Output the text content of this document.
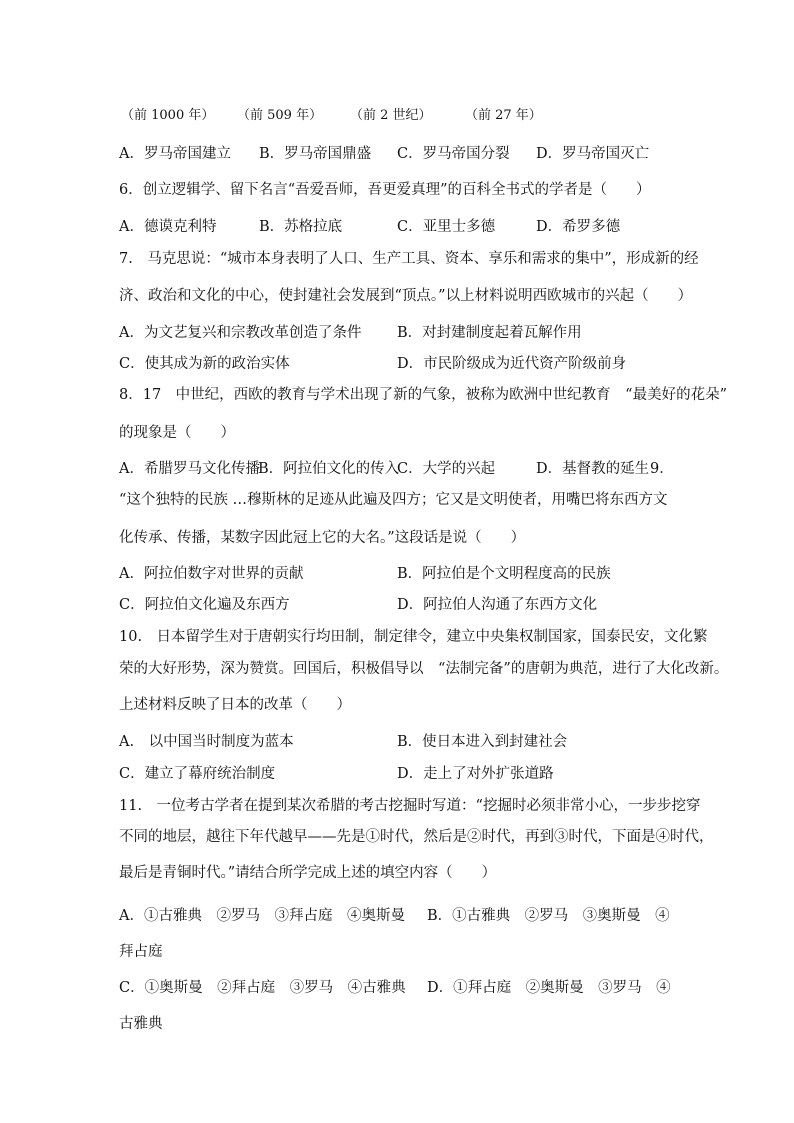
（前 1000 年） （前 509 年） （前 2 世纪）	（前 27 年）
A．罗马帝国建立 B．罗马帝国鼎盛 C．罗马帝国分裂 D．罗马帝国灭亡
6．创立逻辑学、留下名言“吾爱吾师，吾更爱真理”的百科全书式的学者是（　　）
A．德谟克利特	B．苏格拉底	C．亚里士多德	D．希罗多德
7.　马克思说：“城市本身表明了人口、生产工具、资本、享乐和需求的集中”，形成新的经
济、政治和文化的中心，使封建社会发展到“顶点。”以上材料说明西欧城市的兴起（　　）
A．为文艺复兴和宗教改革创造了条件 B．对封建制度起着瓦解作用
C．使其成为新的政治实体	D．市民阶级成为近代资产阶级前身
8．17　中世纪，西欧的教育与学术出现了新的气象，被称为欧洲中世纪教育　“最美好的花朵”
的现象是（　　）
A．希腊罗马文化传播
B．阿拉伯文化的传入
C．大学的兴起	D．基督教的延生 9．
“这个独特的民族 …穆斯林的足迹从此遍及四方；它又是文明使者，用嘴巴将东西方文
化传承、传播，某数字因此冠上它的大名。”这段话是说（　　）
A．阿拉伯数字对世界的贡献	B．阿拉伯是个文明程度高的民族
C．阿拉伯文化遍及东西方	D．阿拉伯人沟通了东西方文化
10.　日本留学生对于唐朝实行均田制，制定律令，建立中央集权制国家，国泰民安，文化繁
荣的大好形势，深为赞赏。回国后，积极倡导以　“法制完备”的唐朝为典范，进行了大化改新。
上述材料反映了日本的改革（　　）
A.　以中国当时制度为蓝本	B．使日本进入到封建社会
C．建立了幕府统治制度	D．走上了对外扩张道路
11.　一位考古学者在提到某次希腊的考古挖掘时写道：“挖掘时必须非常小心，一步步挖穿
不同的地层，越往下年代越早——先是①时代，然后是②时代，再到③时代，下面是④时代，
最后是青铜时代。”请结合所学完成上述的填空内容（　　）
A．①古雅典　②罗马　③拜占庭　④奥斯曼 B．①古雅典　②罗马　③奥斯曼　④
拜占庭
C．①奥斯曼　②拜占庭　③罗马　④古雅典 D．①拜占庭　②奥斯曼　③罗马　④
古雅典
